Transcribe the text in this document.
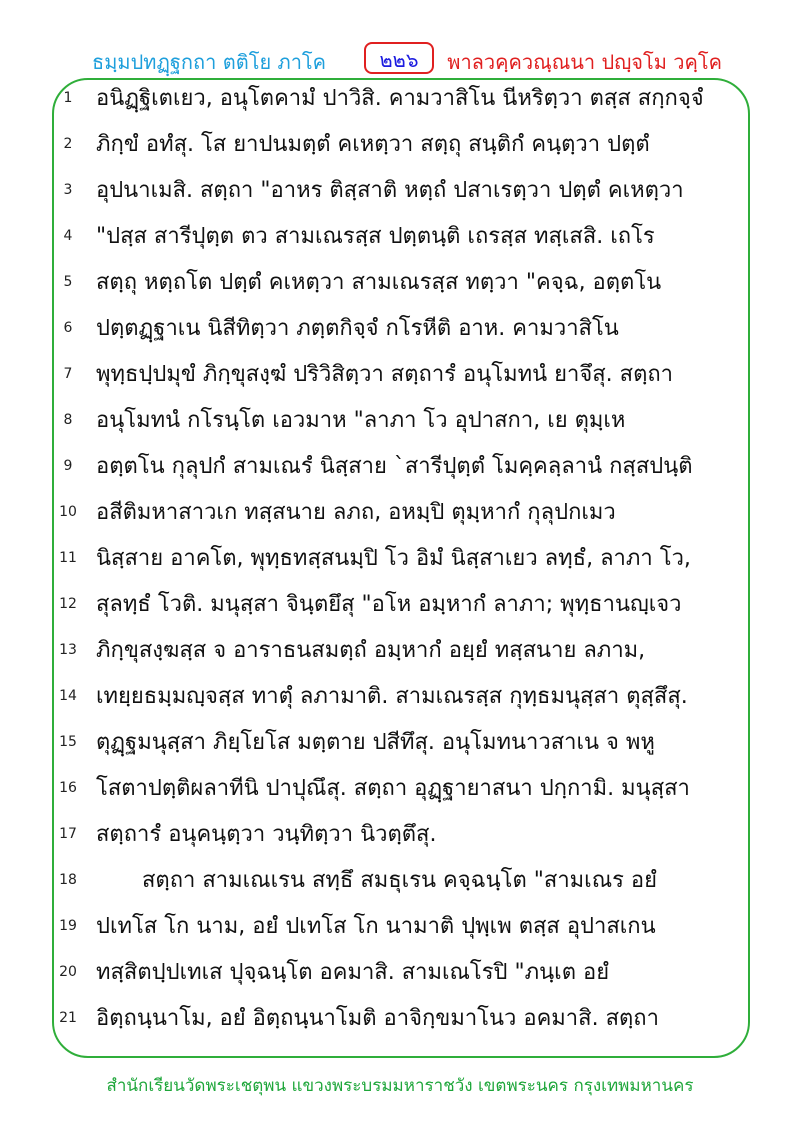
ธมฺมปทฏฺฐกถา ตติโย ภาโค	๒๒๖	พาลวคฺควณฺณนา ปญฺจโม วคฺโค
1	อนิฏฺฐิเตเยว, อนุโตคามํ ปาวิสิ. คามวาสิโน นีหริตฺวา ตสฺส สกฺกจฺจํ
2	ภิกฺขํ อทํสุ. โส ยาปนมตฺตํ คเหตฺวา สตฺถุ สนฺติกํ คนฺตฺวา ปตฺตํ
3	อุปนาเมสิ. สตฺถา "อาหร ติสฺสาติ หตฺถํ ปสาเรตฺวา ปตฺตํ คเหตฺวา
4	"ปสฺส สารีปุตฺต ตว สามเณรสฺส ปตฺตนฺติ เถรสฺส ทสฺเสสิ. เถโร
5	สตฺถุ หตฺถโต ปตฺตํ คเหตฺวา สามเณรสฺส ทตฺวา "คจฺฉ, อตฺตโน
6	ปตฺตฏฺฐาเน นิสีทิตฺวา ภตฺตกิจฺจํ กโรหีติ อาห. คามวาสิโน
7	พุทฺธปฺปมุขํ ภิกฺขุสงฺฆํ ปริวิสิตฺวา สตฺถารํ อนุโมทนํ ยาจึสุ. สตฺถา
8	อนุโมทนํ กโรนฺโต เอวมาห "ลาภา โว อุปาสกา, เย ตุมฺเห
9	อตฺตโน กุลุปกํ สามเณรํ นิสฺสาย `สารีปุตฺตํ โมคฺคลฺลานํ กสฺสปนฺติ
10 อสีติมหาสาวเก ทสฺสนาย ลภถ, อหมฺปิ ตุมฺหากํ กุลุปกเมว
11 นิสฺสาย อาคโต, พุทฺธทสฺสนมฺปิ โว อิมํ นิสฺสาเยว ลทฺธํ, ลาภา โว,
12 สุลทฺธํ โวติ. มนุสฺสา จินฺตยึสุ "อโห อมฺหากํ ลาภา; พุทฺธานญฺเจว
13 ภิกฺขุสงฺฆสฺส จ อาราธนสมตฺถํ อมฺหากํ อยฺยํ ทสฺสนาย ลภาม,
14 เทยฺยธมฺมญฺจสฺส ทาตุํ ลภามาติ. สามเณรสฺส กุทฺธมนุสฺสา ตุสฺสึสุ.
15 ตุฏฺฐมนุสฺสา ภิยฺโยโส มตฺตาย ปสีทึสุ. อนุโมทนาวสาเน จ พหู
16 โสตาปตฺติผลาทีนิ ปาปุณึสุ. สตฺถา อุฏฺฐายาสนา ปกฺกามิ. มนุสฺสา
17 สตฺถารํ อนุคนฺตฺวา วนฺทิตฺวา นิวตฺตึสุ.
18	สตฺถา สามเณเรน สทฺธึ สมธุเรน คจฺฉนฺโต "สามเณร อยํ
19 ปเทโส โก นาม, อยํ ปเทโส โก นามาติ ปุพฺเพ ตสฺส อุปาสเกน
20 ทสฺสิตปฺปเทเส ปุจฺฉนฺโต อคมาสิ. สามเณโรปิ "ภนฺเต อยํ
21 อิตฺถนฺนาโม, อยํ อิตฺถนฺนาโมติ อาจิกฺขมาโนว อคมาสิ. สตฺถา
สำนักเรียนวัดพระเชตุพน แขวงพระบรมมหาราชวัง เขตพระนคร กรุงเทพมหานคร
